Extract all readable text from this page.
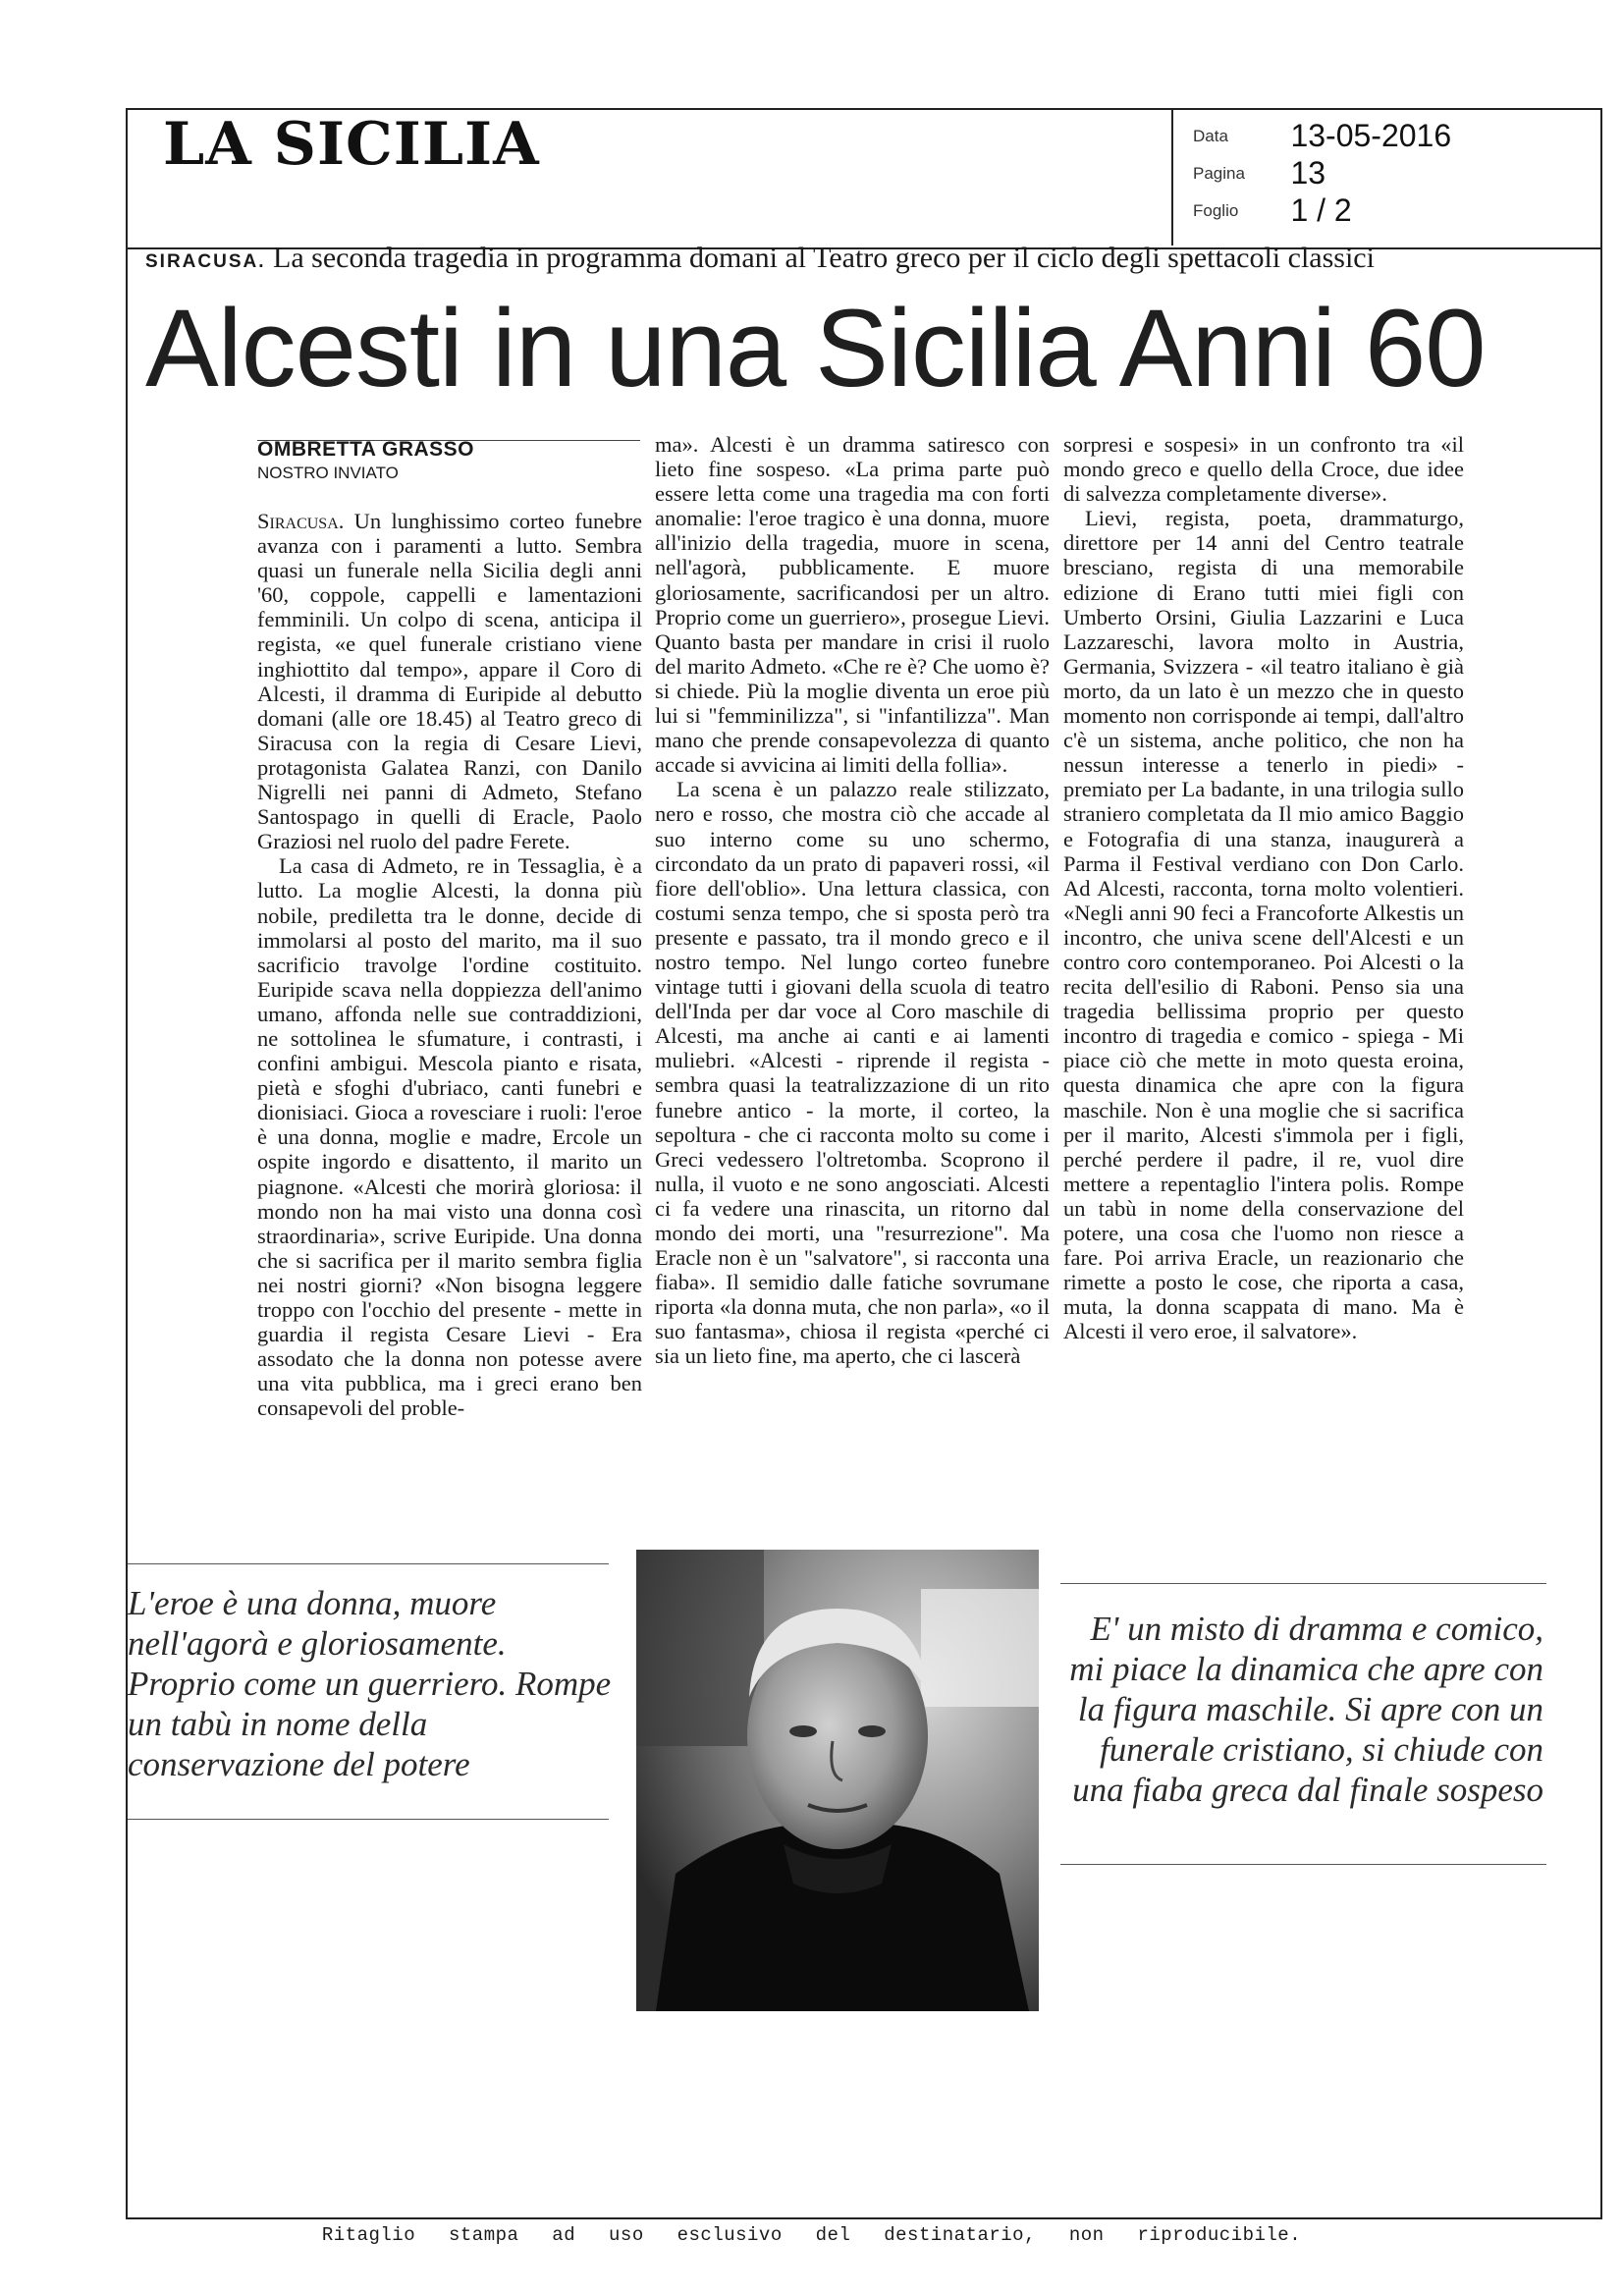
LA SICILIA	Data 13-05-2016
Pagina 13
Foglio 1 / 2
SIRACUSA. La seconda tragedia in programma domani al Teatro greco per il ciclo degli spettacoli classici
Alcesti in una Sicilia Anni 60
OMBRETTA GRASSO
NOSTRO INVIATO

Siracusa. Un lunghissimo corteo funebre avanza con i paramenti a lutto. Sembra quasi un funerale nella Sicilia degli anni '60, coppole, cappelli e lamentazioni femminili. Un colpo di scena, anticipa il regista, «e quel funerale cristiano viene inghiottito dal tempo», appare il Coro di Alcesti, il dramma di Euripide al debutto domani (alle ore 18.45) al Teatro greco di Siracusa con la regia di Cesare Lievi, protagonista Galatea Ranzi, con Danilo Nigrelli nei panni di Admeto, Stefano Santospago in quelli di Eracle, Paolo Graziosi nel ruolo del padre Ferete.

La casa di Admeto, re in Tessaglia, è a lutto. La moglie Alcesti, la donna più nobile, prediletta tra le donne, decide di immolarsi al posto del marito, ma il suo sacrificio travolge l'ordine costituito. Euripide scava nella doppiezza dell'animo umano, affonda nelle sue contraddizioni, ne sottolinea le sfumature, i contrasti, i confini ambigui. Mescola pianto e risata, pietà e sfoghi d'ubriaco, canti funebri e dionisiaci. Gioca a rovesciare i ruoli: l'eroe è una donna, moglie e madre, Ercole un ospite ingordo e disattento, il marito un piagnone. «Alcesti che morirà gloriosa: il mondo non ha mai visto una donna così straordinaria», scrive Euripide. Una donna che si sacrifica per il marito sembra figlia nei nostri giorni? «Non bisogna leggere troppo con l'occhio del presente - mette in guardia il regista Cesare Lievi - Era assodato che la donna non potesse avere una vita pubblica, ma i greci erano ben consapevoli del proble-

ma». Alcesti è un dramma satiresco con lieto fine sospeso. «La prima parte può essere letta come una tragedia ma con forti anomalie: l'eroe tragico è una donna, muore all'inizio della tragedia, muore in scena, nell'agorà, pubblicamente. E muore gloriosamente, sacrificandosi per un altro. Proprio come un guerriero», prosegue Lievi. Quanto basta per mandare in crisi il ruolo del marito Admeto. «Che re è? Che uomo è? si chiede. Più la moglie diventa un eroe più lui si "femminilizza", si "infantilizza". Man mano che prende consapevolezza di quanto accade si avvicina ai limiti della follia».

La scena è un palazzo reale stilizzato, nero e rosso, che mostra ciò che accade al suo interno come su uno schermo, circondato da un prato di papaveri rossi, «il fiore dell'oblio». Una lettura classica, con costumi senza tempo, che si sposta però tra presente e passato, tra il mondo greco e il nostro tempo. Nel lungo corteo funebre vintage tutti i giovani della scuola di teatro dell'Inda per dar voce al Coro maschile di Alcesti, ma anche ai canti e ai lamenti muliebri. «Alcesti - riprende il regista - sembra quasi la teatralizzazione di un rito funebre antico - la morte, il corteo, la sepoltura - che ci racconta molto su come i Greci vedessero l'oltretomba. Scoprono il nulla, il vuoto e ne sono angosciati. Alcesti ci fa vedere una rinascita, un ritorno dal mondo dei morti, una "resurrezione". Ma Eracle non è un "salvatore", si racconta una fiaba». Il semidio dalle fatiche sovrumane riporta «la donna muta, che non parla», «o il suo fantasma», chiosa il regista «perché ci sia un lieto fine, ma aperto, che ci lascerà

sorpresi e sospesi» in un confronto tra «il mondo greco e quello della Croce, due idee di salvezza completamente diverse».

Lievi, regista, poeta, drammaturgo, direttore per 14 anni del Centro teatrale bresciano, regista di una memorabile edizione di Erano tutti miei figli con Umberto Orsini, Giulia Lazzarini e Luca Lazzareschi, lavora molto in Austria, Germania, Svizzera - «il teatro italiano è già morto, da un lato è un mezzo che in questo momento non corrisponde ai tempi, dall'altro c'è un sistema, anche politico, che non ha nessun interesse a tenerlo in piedi» - premiato per La badante, in una trilogia sullo straniero completata da Il mio amico Baggio e Fotografia di una stanza, inaugurerà a Parma il Festival verdiano con Don Carlo. Ad Alcesti, racconta, torna molto volentieri. «Negli anni 90 feci a Francoforte Alkestis un incontro, che univa scene dell'Alcesti e un contro coro contemporaneo. Poi Alcesti o la recita dell'esilio di Raboni. Penso sia una tragedia bellissima proprio per questo incontro di tragedia e comico - spiega - Mi piace ciò che mette in moto questa eroina, questa dinamica che apre con la figura maschile. Non è una moglie che si sacrifica per il marito, Alcesti s'immola per i figli, perché perdere il padre, il re, vuol dire mettere a repentaglio l'intera polis. Rompe un tabù in nome della conservazione del potere, una cosa che l'uomo non riesce a fare. Poi arriva Eracle, un reazionario che rimette a posto le cose, che riporta a casa, muta, la donna scappata di mano. Ma è Alcesti il vero eroe, il salvatore».

L'eroe è una donna, muore nell'agorà e gloriosamente. Proprio come un guerriero. Rompe un tabù in nome della conservazione del potere
E' un misto di dramma e comico, mi piace la dinamica che apre con la figura maschile. Si apre con un funerale cristiano, si chiude con una fiaba greca dal finale sospeso
Ritaglio stampa ad uso esclusivo del destinatario, non riproducibile.
